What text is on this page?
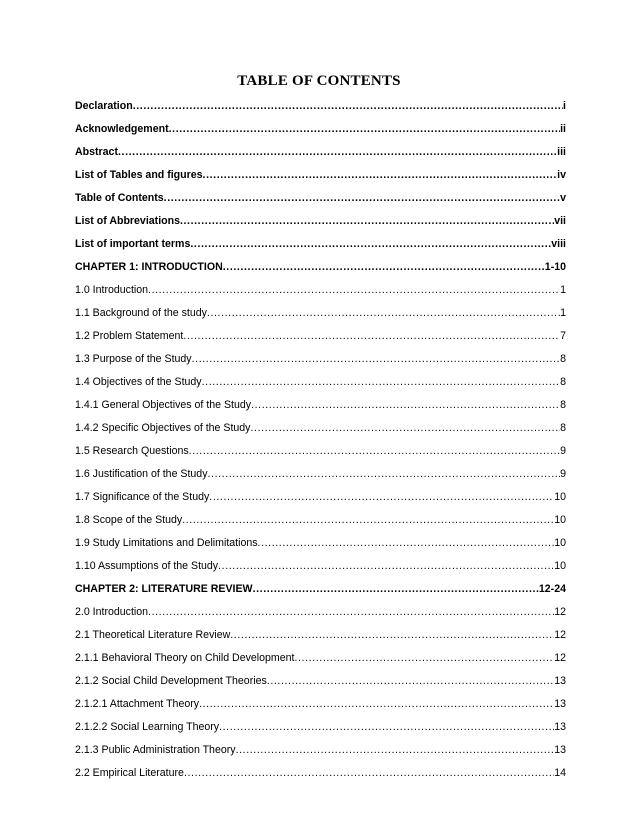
TABLE OF CONTENTS
Declaration .....	i
Acknowledgement .....	ii
Abstract .....	iii
List of Tables and figures .....	iv
Table of Contents .....	v
List of Abbreviations .....	vii
List of important terms .....	viii
CHAPTER 1: INTRODUCTION .....	1-10
1.0 Introduction .....	1
1.1 Background of the study .....	1
1.2 Problem Statement .....	7
1.3 Purpose of the Study .....	8
1.4 Objectives of the Study .....	8
1.4.1 General Objectives of the Study .....	8
1.4.2 Specific Objectives of the Study .....	8
1.5 Research Questions .....	9
1.6 Justification of the Study .....	9
1.7 Significance of the Study .....	10
1.8 Scope of the Study .....	10
1.9 Study Limitations and Delimitations .....	10
1.10 Assumptions of the Study .....	10
CHAPTER 2: LITERATURE REVIEW .....	12-24
2.0 Introduction .....	12
2.1 Theoretical Literature Review .....	12
2.1.1 Behavioral Theory on Child Development .....	12
2.1.2 Social Child Development Theories .....	13
2.1.2.1 Attachment Theory .....	13
2.1.2.2 Social Learning Theory .....	13
2.1.3 Public Administration Theory .....	13
2.2 Empirical Literature .....	14
